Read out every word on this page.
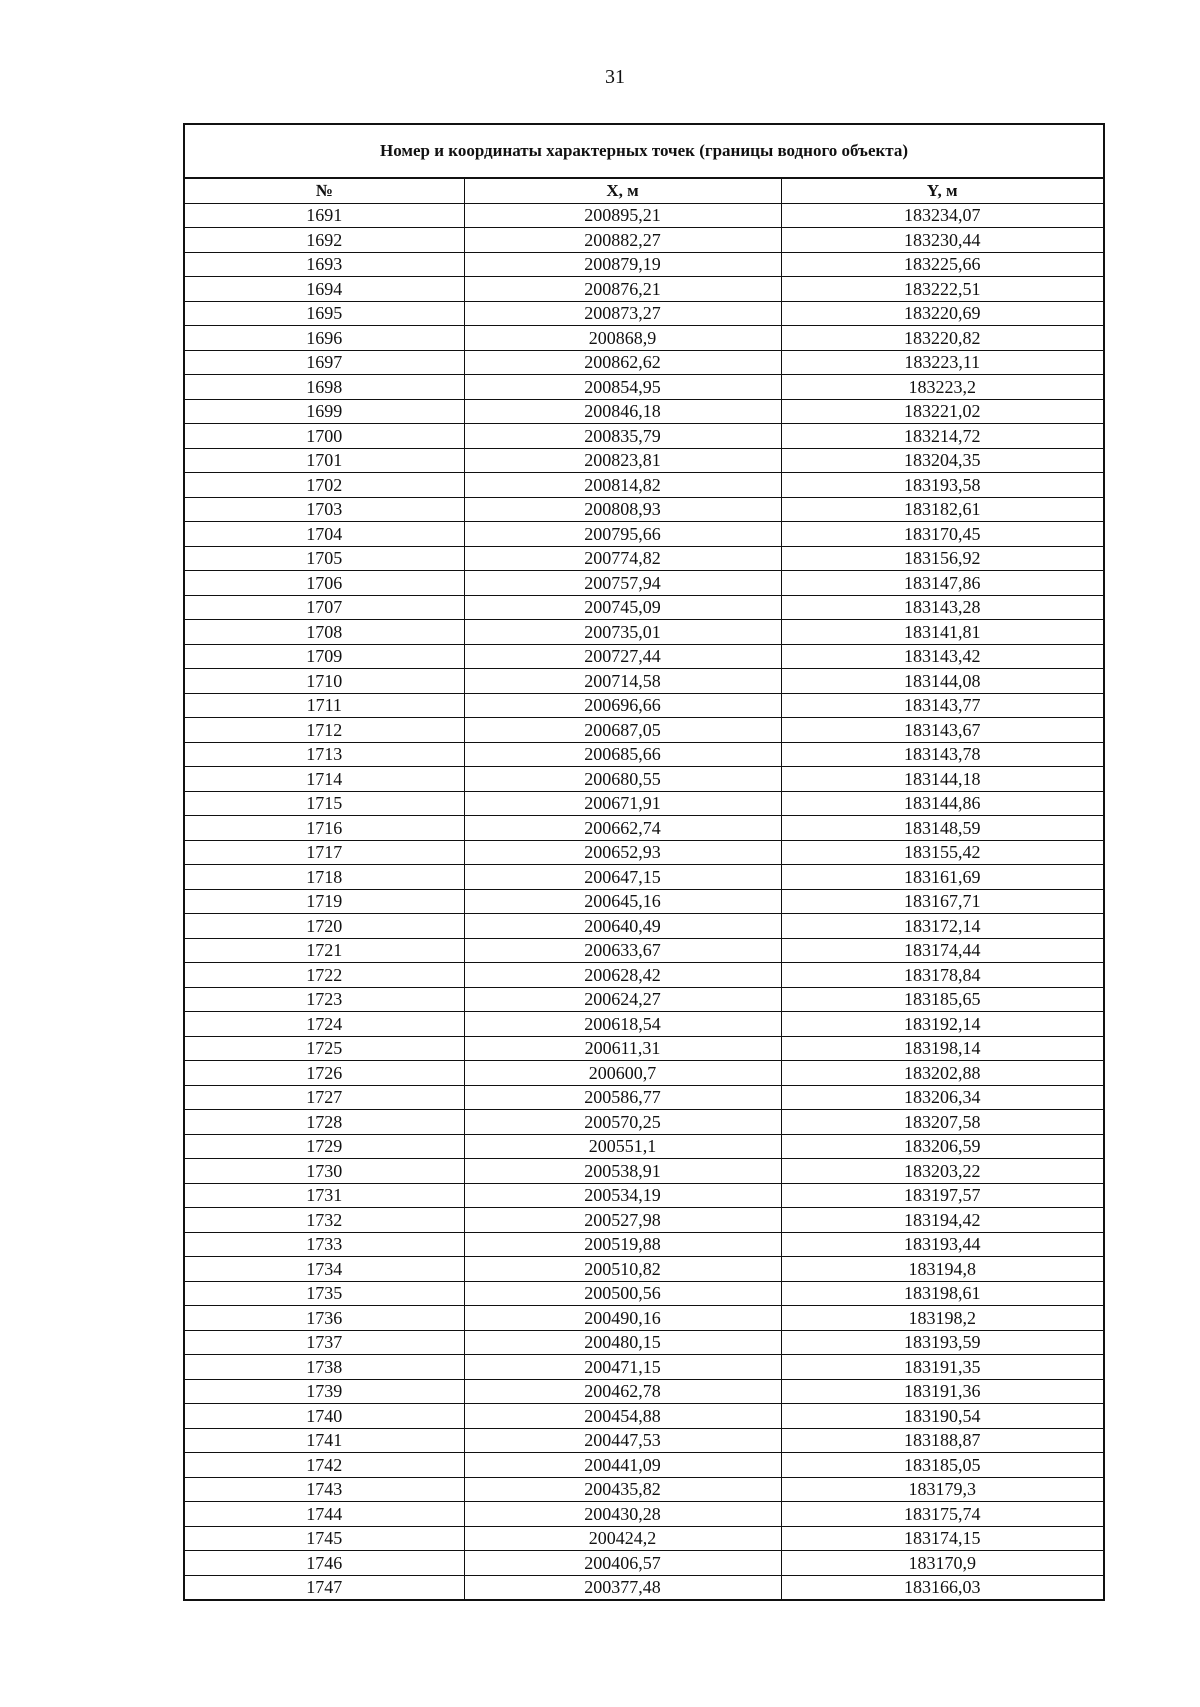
31
Номер и координаты характерных точек (границы водного объекта)
№	X, м	Y, м
1691	200895,21	183234,07
1692	200882,27	183230,44
1693	200879,19	183225,66
1694	200876,21	183222,51
1695	200873,27	183220,69
1696	200868,9	183220,82
1697	200862,62	183223,11
1698	200854,95	183223,2
1699	200846,18	183221,02
1700	200835,79	183214,72
1701	200823,81	183204,35
1702	200814,82	183193,58
1703	200808,93	183182,61
1704	200795,66	183170,45
1705	200774,82	183156,92
1706	200757,94	183147,86
1707	200745,09	183143,28
1708	200735,01	183141,81
1709	200727,44	183143,42
1710	200714,58	183144,08
1711	200696,66	183143,77
1712	200687,05	183143,67
1713	200685,66	183143,78
1714	200680,55	183144,18
1715	200671,91	183144,86
1716	200662,74	183148,59
1717	200652,93	183155,42
1718	200647,15	183161,69
1719	200645,16	183167,71
1720	200640,49	183172,14
1721	200633,67	183174,44
1722	200628,42	183178,84
1723	200624,27	183185,65
1724	200618,54	183192,14
1725	200611,31	183198,14
1726	200600,7	183202,88
1727	200586,77	183206,34
1728	200570,25	183207,58
1729	200551,1	183206,59
1730	200538,91	183203,22
1731	200534,19	183197,57
1732	200527,98	183194,42
1733	200519,88	183193,44
1734	200510,82	183194,8
1735	200500,56	183198,61
1736	200490,16	183198,2
1737	200480,15	183193,59
1738	200471,15	183191,35
1739	200462,78	183191,36
1740	200454,88	183190,54
1741	200447,53	183188,87
1742	200441,09	183185,05
1743	200435,82	183179,3
1744	200430,28	183175,74
1745	200424,2	183174,15
1746	200406,57	183170,9
1747	200377,48	183166,03
